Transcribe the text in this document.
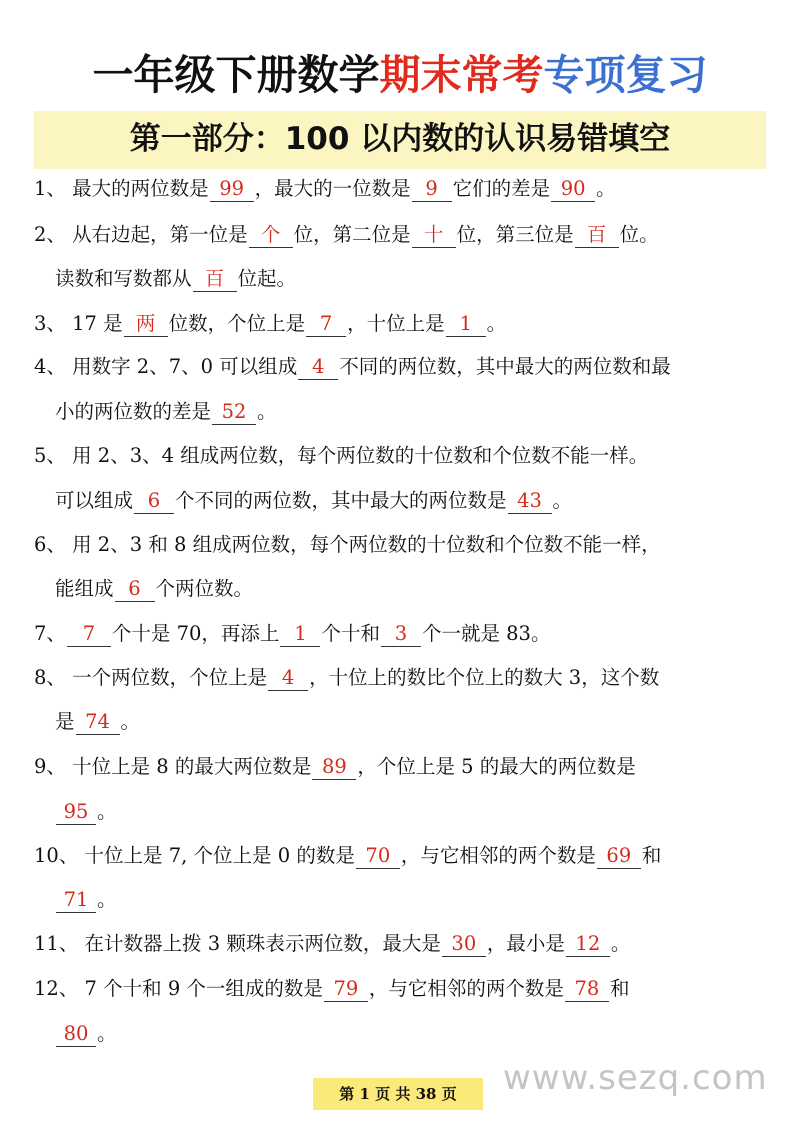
一年级下册数学期末常考专项复习
第一部分：100 以内数的认识易错填空
1、 最大的两位数是 99 ，最大的一位数是 9 它们的差是 90 。
2、 从右边起，第一位是 个 位，第二位是 十 位，第三位是 百 位。
读数和写数都从 百 位起。
3、 17 是 两 位数，个位上是 7 ，十位上是 1 。
4、 用数字 2、7、0 可以组成 4 不同的两位数，其中最大的两位数和最
小的两位数的差是 52 。
5、 用 2、3、4 组成两位数，每个两位数的十位数和个位数不能一样。
可以组成 6 个不同的两位数，其中最大的两位数是 43 。
6、 用 2、3 和 8 组成两位数，每个两位数的十位数和个位数不能一样，
能组成 6 个两位数。
7、 7 个十是 70，再添上 1 个十和 3 个一就是 83。
8、 一个两位数，个位上是 4 ，十位上的数比个位上的数大 3，这个数
是 74 。
9、 十位上是 8 的最大两位数是 89 ，个位上是 5 的最大的两位数是
95 。
10、 十位上是 7, 个位上是 0 的数是 70 ，与它相邻的两个数是 69 和
71 。
11、 在计数器上拨 3 颗珠表示两位数，最大是 30 ，最小是 12 。
12、 7 个十和 9 个一组成的数是 79 ，与它相邻的两个数是 78 和
80 。
第 1 页 共 38 页	www.sezq.com
